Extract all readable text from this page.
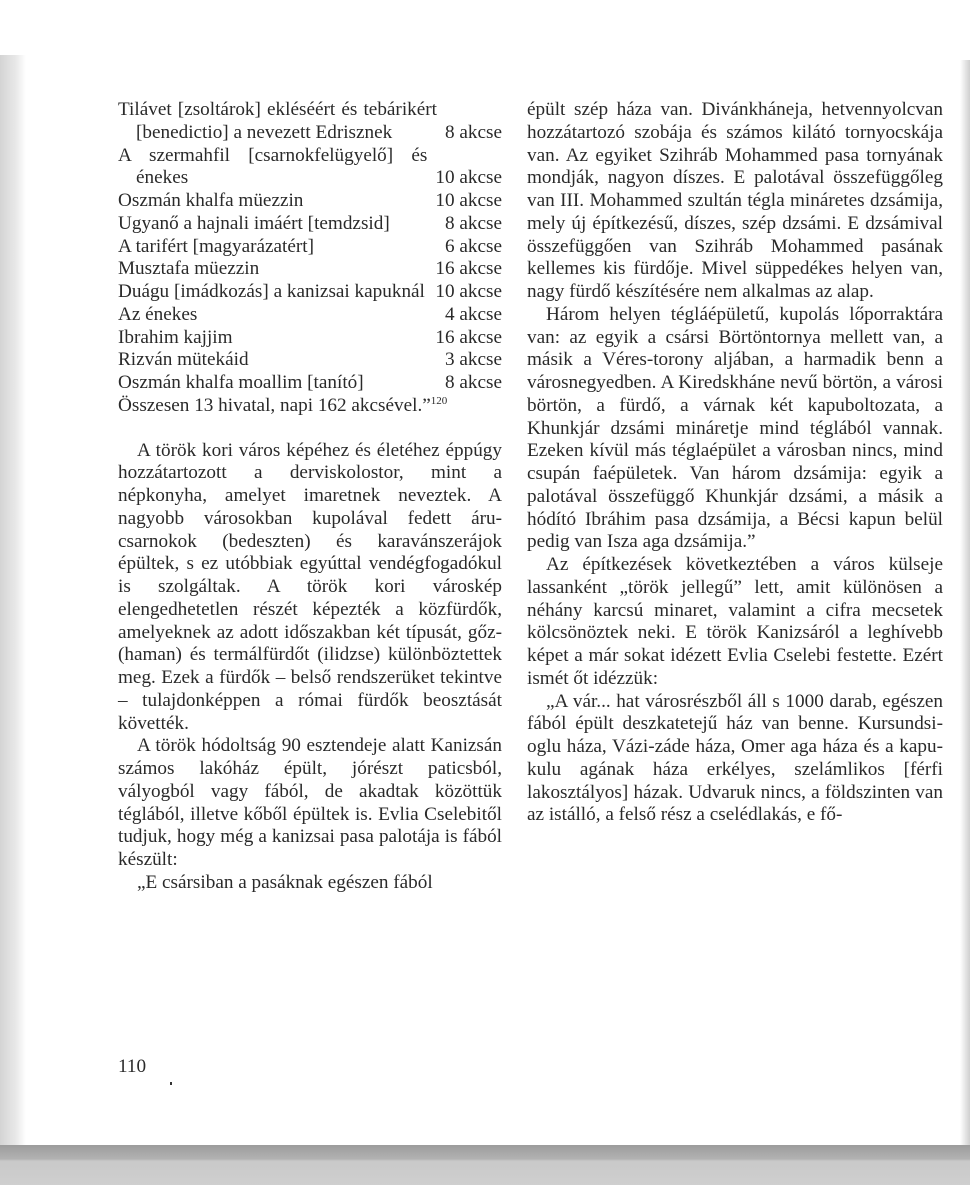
Tilávet [zsoltárok] ekléséért és tebárikért [benedictio] a nevezett Edrisznek	8 akcse
A szermahfil [csarnokfelügyelő] és énekes	10 akcse
Oszmán khalfa müezzin	10 akcse
Ugyanő a hajnali imáért [temdzsid]	8 akcse
A tarifért [magyarázatért]	6 akcse
Musztafa müezzin	16 akcse
Duágu [imádkozás] a kanizsai kapuknál 10 akcse
Az énekes	4 akcse
Ibrahim kajjim	16 akcse
Rizván mütekáid	3 akcse
Oszmán khalfa moallim [tanító]	8 akcse
Összesen 13 hivatal, napi 162 akcsével.”$^{120}$

A török kori város képéhez és életéhez éppúgy hozzátartozott a derviskolostor, mint a népkonyha, amelyet imaretnek neveztek. A nagyobb városokban kupolával fedett árucsarnokok (bedeszten) és karavánszerájok épültek, s ez utóbbiak egyúttal vendégfogadókul is szolgáltak. A török kori városkép elengedhetetlen részét képezték a közfürdők, amelyeknek az adott időszakban két típusát, gőz- (haman) és termálfürdőt (ilidzse) különböztettek meg. Ezek a fürdők – belső rendszerüket tekintve – tulajdonképpen a római fürdők beosztását követték.

A török hódoltság 90 esztendeje alatt Kanizsán számos lakóház épült, jórészt paticsból, vályogból vagy fából, de akadtak közöttük téglából, illetve kőből épültek is. Evlia Cselebitől tudjuk, hogy még a kanizsai pasa palotája is fából készült:

„E csársiban a pasáknak egészen fából

épült szép háza van. Divánkháneja, hetvennyolcvan hozzátartozó szobája és számos kilátó tornyocskája van. Az egyiket Szihráb Mohammed pasa tornyának mondják, nagyon díszes. E palotával összefüggőleg van III. Mohammed szultán tégla mináretes dzsámija, mely új építkezésű, díszes, szép dzsámi. E dzsámival összefüggően van Szihráb Mohammed pasának kellemes kis fürdője. Mivel süppedékes helyen van, nagy fürdő készítésére nem alkalmas az alap.

Három helyen tégláépületű, kupolás lőporraktára van: az egyik a csársi Börtöntornya mellett van, a másik a Véres-torony aljában, a harmadik benn a városnegyedben. A Kiredskháne nevű börtön, a városi börtön, a fürdő, a várnak két kapuboltozata, a Khunkjár dzsámi mináretje mind téglából vannak. Ezeken kívül más téglaépület a városban nincs, mind csupán faépületek. Van három dzsámija: egyik a palotával összefüggő Khunkjár dzsámi, a másik a hódító Ibráhim pasa dzsámija, a Bécsi kapun belül pedig van Isza aga dzsámija.”

Az építkezések következtében a város külseje lassanként „török jellegű” lett, amit különösen a néhány karcsú minaret, valamint a cifra mecsetek kölcsönöztek neki. E török Kanizsáról a leghívebb képet a már sokat idézett Evlia Cselebi festette. Ezért ismét őt idézzük:

„A vár... hat városrészből áll s 1000 darab, egészen fából épült deszkatetejű ház van benne. Kursundsi-oglu háza, Vázi-záde háza, Omer aga háza és a kapu-kulu agának háza erkélyes, szelámlikos [férfi lakosztályos] házak. Udvaruk nincs, a földszinten van az istálló, a felső rész a cselédlakás, e fő-

110
